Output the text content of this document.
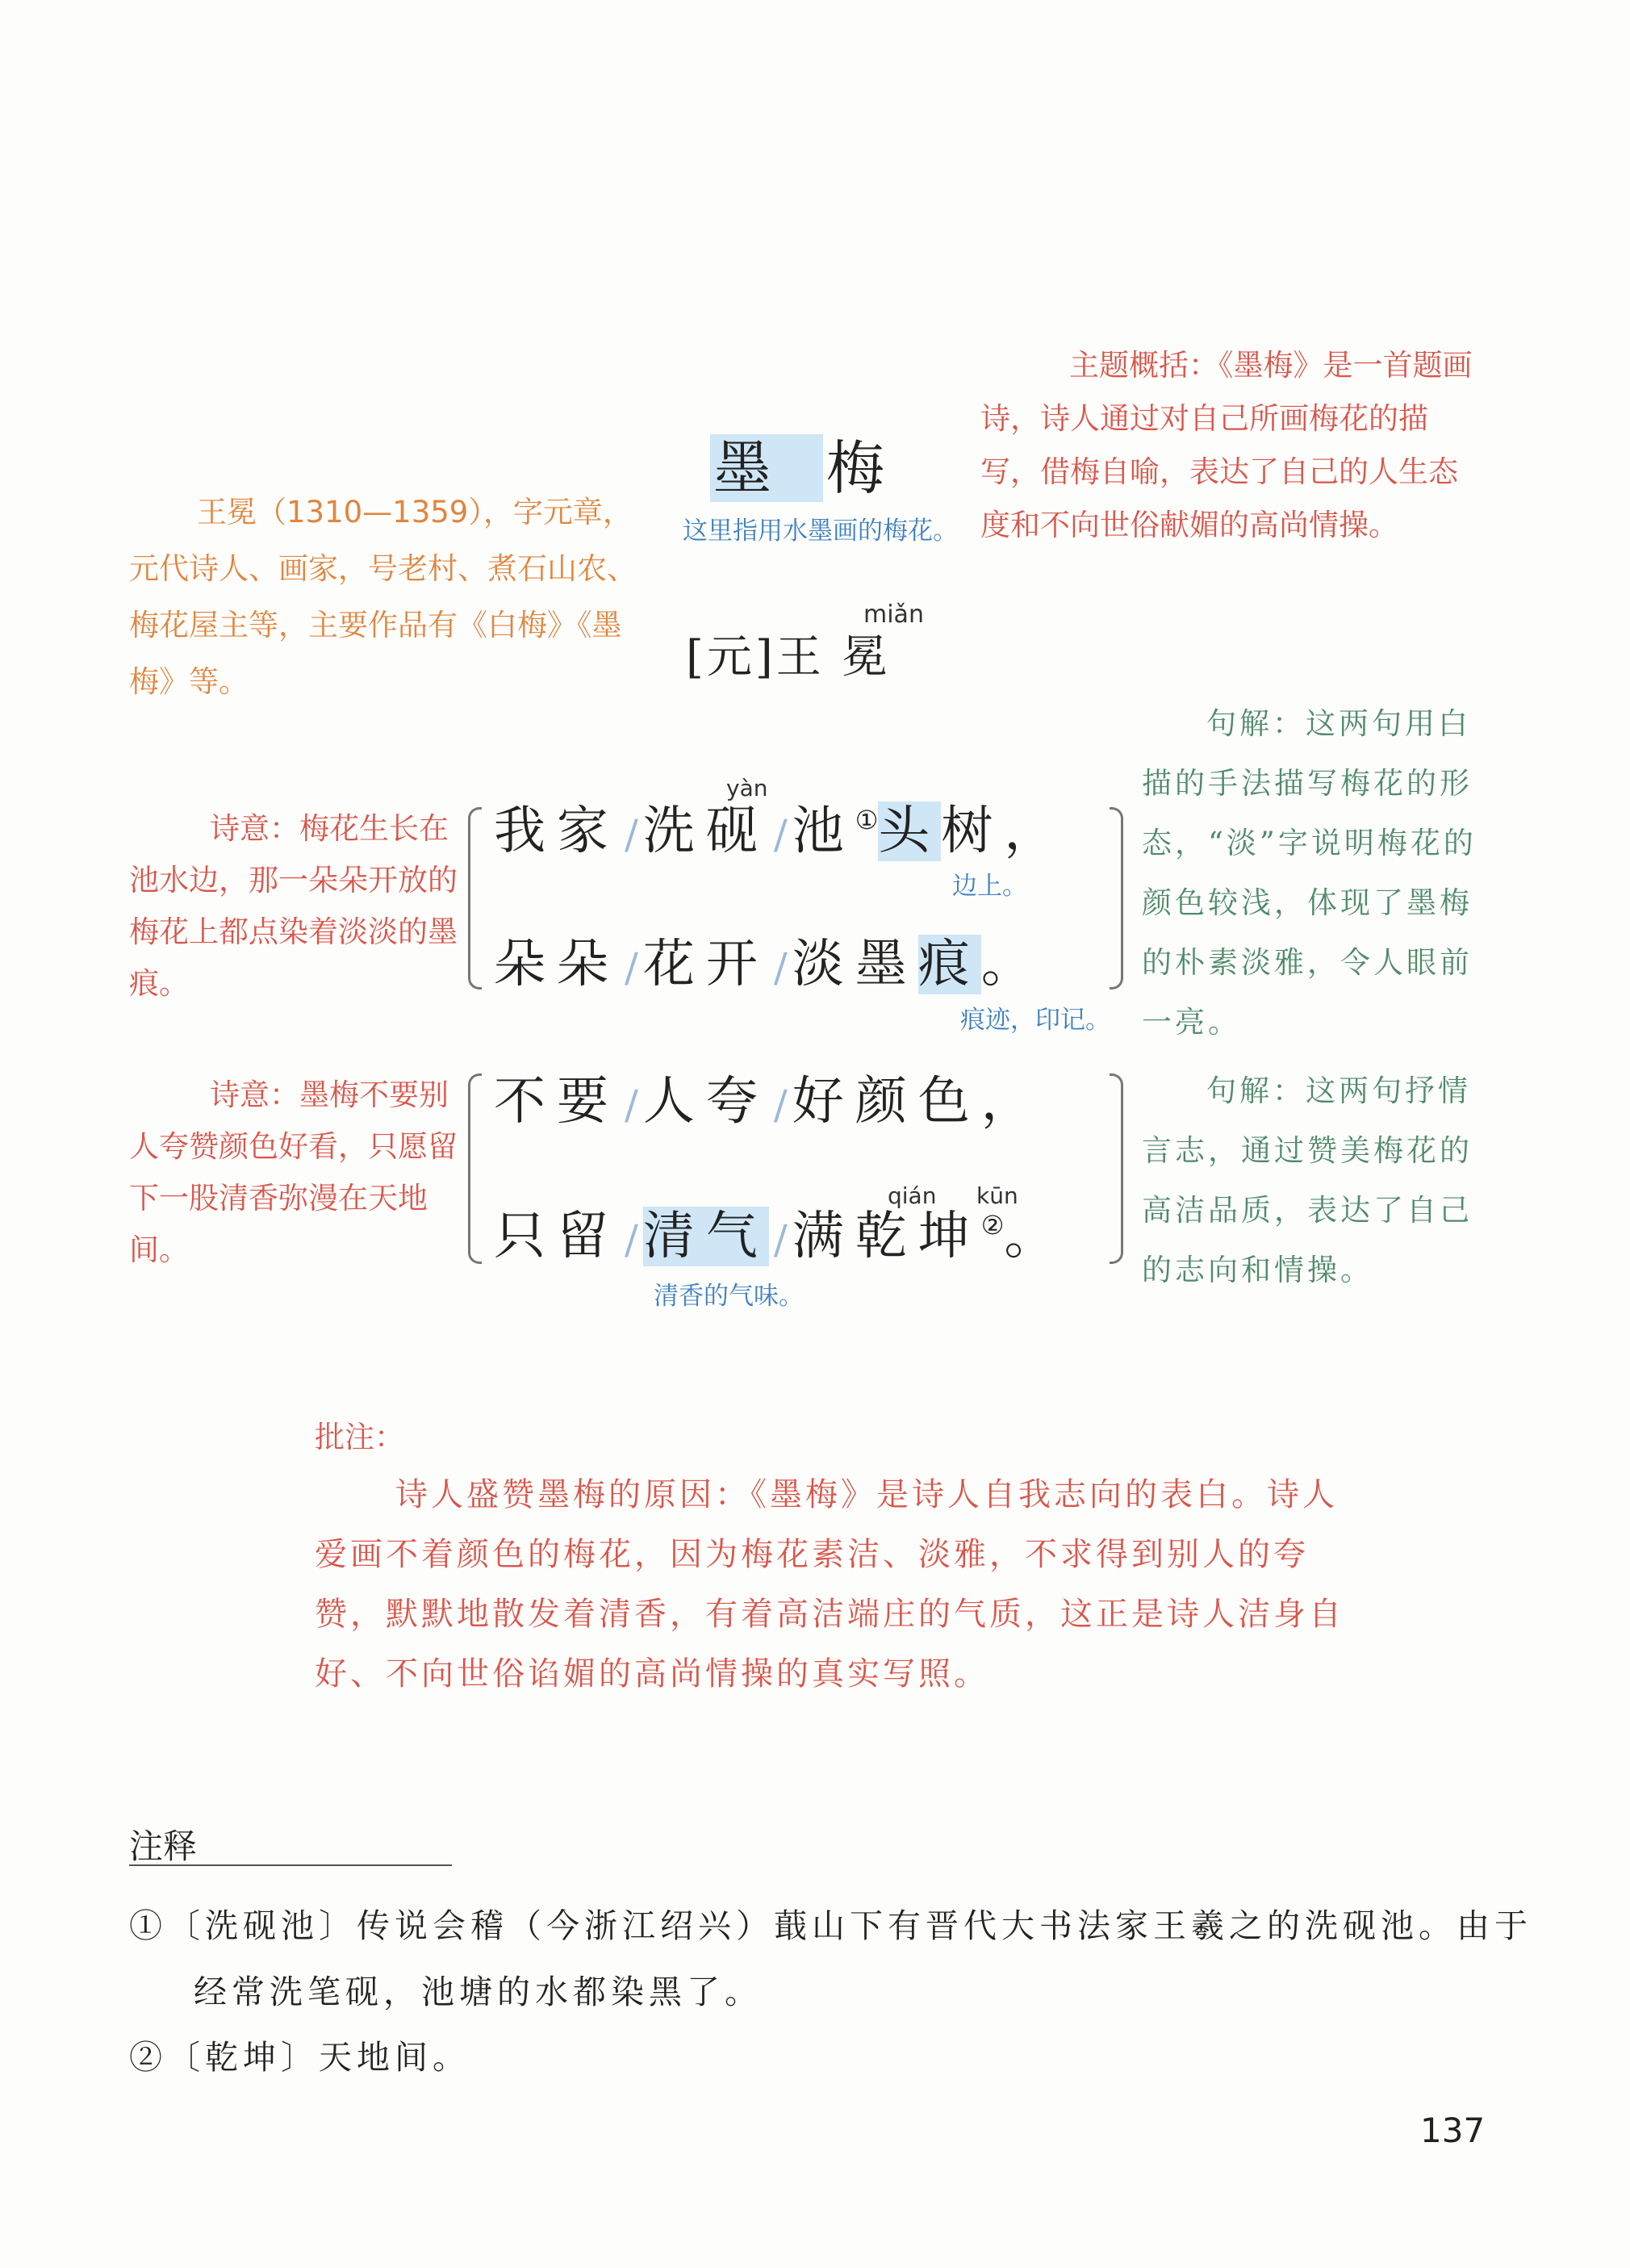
墨 梅
这里指用水墨画的梅花。
miǎn
[元]王 冕
王冕（1310—1359），字元章，元代诗人、画家，号老村、煮石山农、梅花屋主等，主要作品有《白梅》《墨梅》等。
主题概括：《墨梅》是一首题画诗，诗人通过对自己所画梅花的描写，借梅自喻，表达了自己的人生态度和不向世俗献媚的高尚情操。
yàn
我家 /洗砚 /池①头树，
边上。
朵朵 /花开 /淡墨痕。
痕迹，印记。
诗意：梅花生长在池水边，那一朵朵开放的梅花上都点染着淡淡的墨痕。
句解：这两句用白描的手法描写梅花的形态，“淡”字说明梅花的颜色较浅，体现了墨梅的朴素淡雅，令人眼前一亮。
不要 /人夸 /好颜色，
qián kūn
只留 /清气 /满乾坤②。
清香的气味。
诗意：墨梅不要别人夸赞颜色好看，只愿留下一股清香弥漫在天地间。
句解：这两句抒情言志，通过赞美梅花的高洁品质，表达了自己的志向和情操。
批注：
诗人盛赞墨梅的原因：《墨梅》是诗人自我志向的表白。诗人爱画不着颜色的梅花，因为梅花素洁、淡雅，不求得到别人的夸赞，默默地散发着清香，有着高洁端庄的气质，这正是诗人洁身自好、不向世俗谄媚的高尚情操的真实写照。
注释
①〔洗砚池〕传说会稽（今浙江绍兴）蕺山下有晋代大书法家王羲之的洗砚池。由于经常洗笔砚，池塘的水都染黑了。
②〔乾坤〕天地间。
137
